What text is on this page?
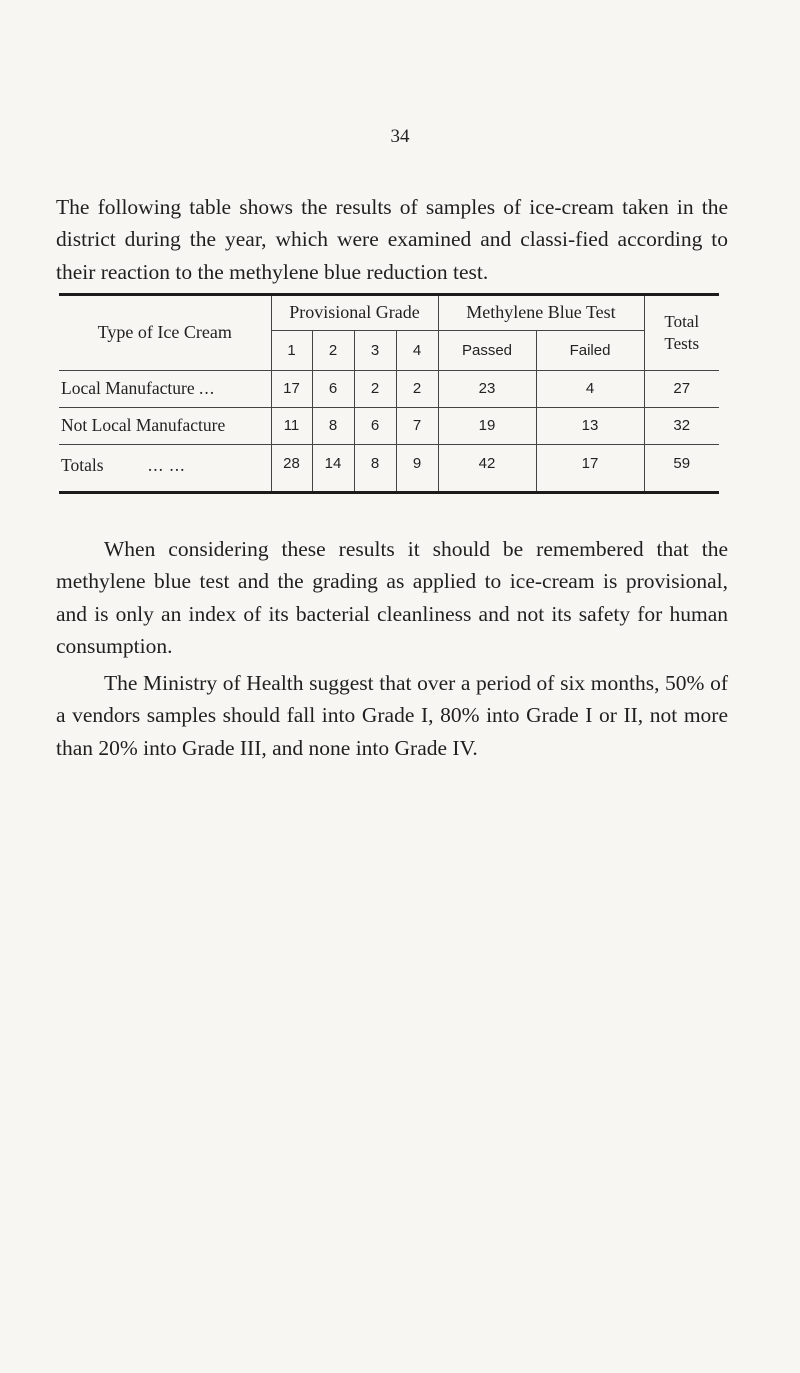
34

The following table shows the results of samples of ice-cream taken in the district during the year, which were examined and classi-fied according to their reaction to the methylene blue reduction test.

Type of Ice Cream	Provisional Grade				Methylene Blue Test		Total
Tests
	1	2	3	4	Passed	Failed	
Local Manufacture ...	17	6	2	2	23	4	27
Not Local Manufacture	11	8	6	7	19	13	32
Totals ... ...	28	14	8	9	42	17	59

When considering these results it should be remembered that the methylene blue test and the grading as applied to ice-cream is provisional, and is only an index of its bacterial cleanliness and not its safety for human consumption.

The Ministry of Health suggest that over a period of six months, 50% of a vendors samples should fall into Grade I, 80% into Grade I or II, not more than 20% into Grade III, and none into Grade IV.
